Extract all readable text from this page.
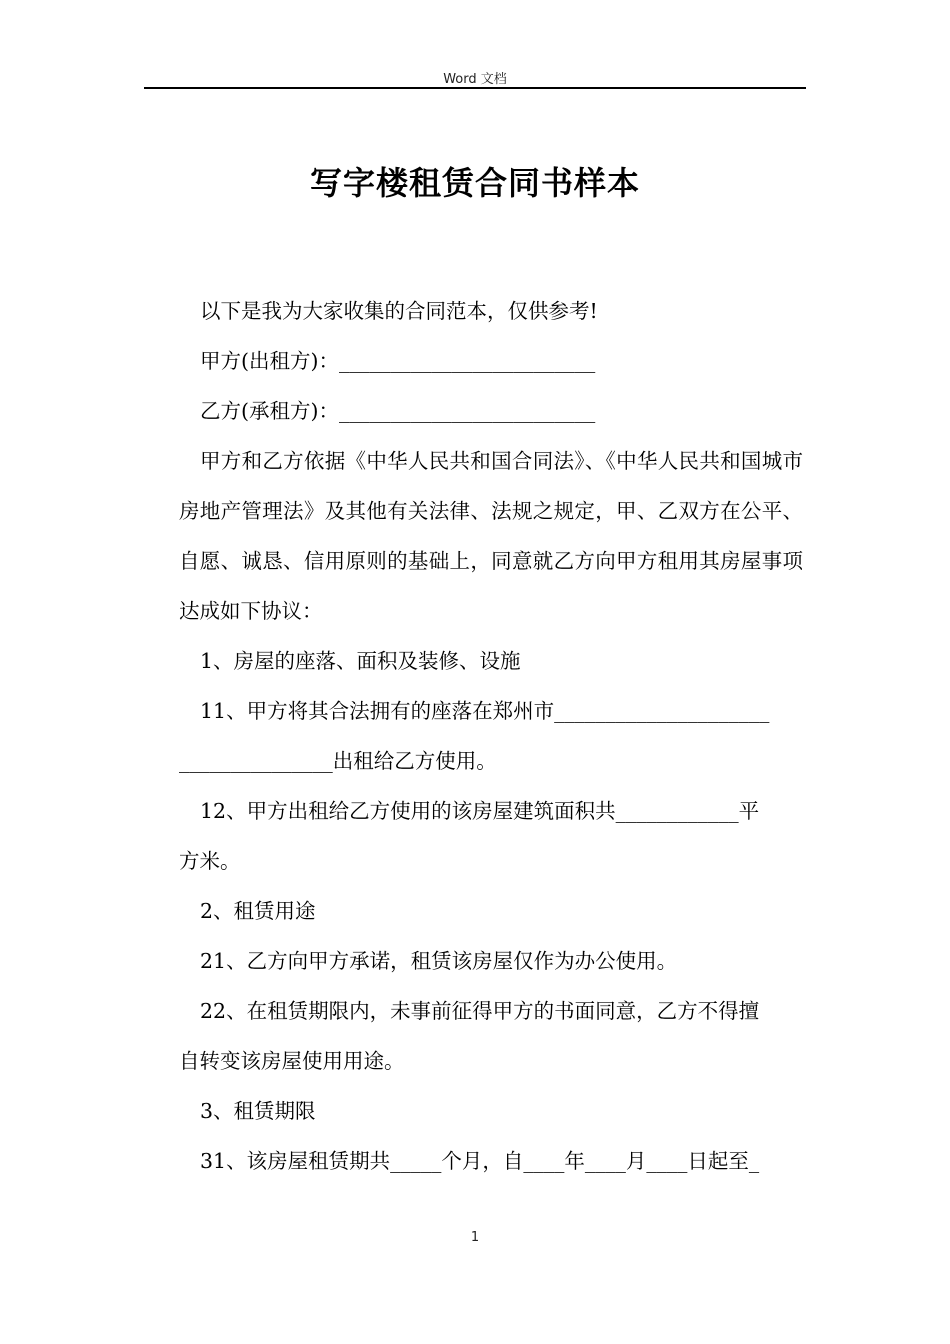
Word 文档
写字楼租赁合同书样本

以下是我为大家收集的合同范本，仅供参考!

甲方(出租方)：_________________________

乙方(承租方)：_________________________

甲方和乙方依据《中华人民共和国合同法》、《中华人民共和国城市房地产管理法》及其他有关法律、法规之规定，甲、乙双方在公平、自愿、诚恳、信用原则的基础上，同意就乙方向甲方租用其房屋事项达成如下协议：

1、房屋的座落、面积及装修、设施

11、甲方将其合法拥有的座落在郑州市_____________________

_______________出租给乙方使用。

12、甲方出租给乙方使用的该房屋建筑面积共____________平

方米。

2、租赁用途

21、乙方向甲方承诺，租赁该房屋仅作为办公使用。

22、在租赁期限内，未事前征得甲方的书面同意，乙方不得擅

自转变该房屋使用用途。

3、租赁期限

31、该房屋租赁期共_____个月，自____年____月____日起至_

1
